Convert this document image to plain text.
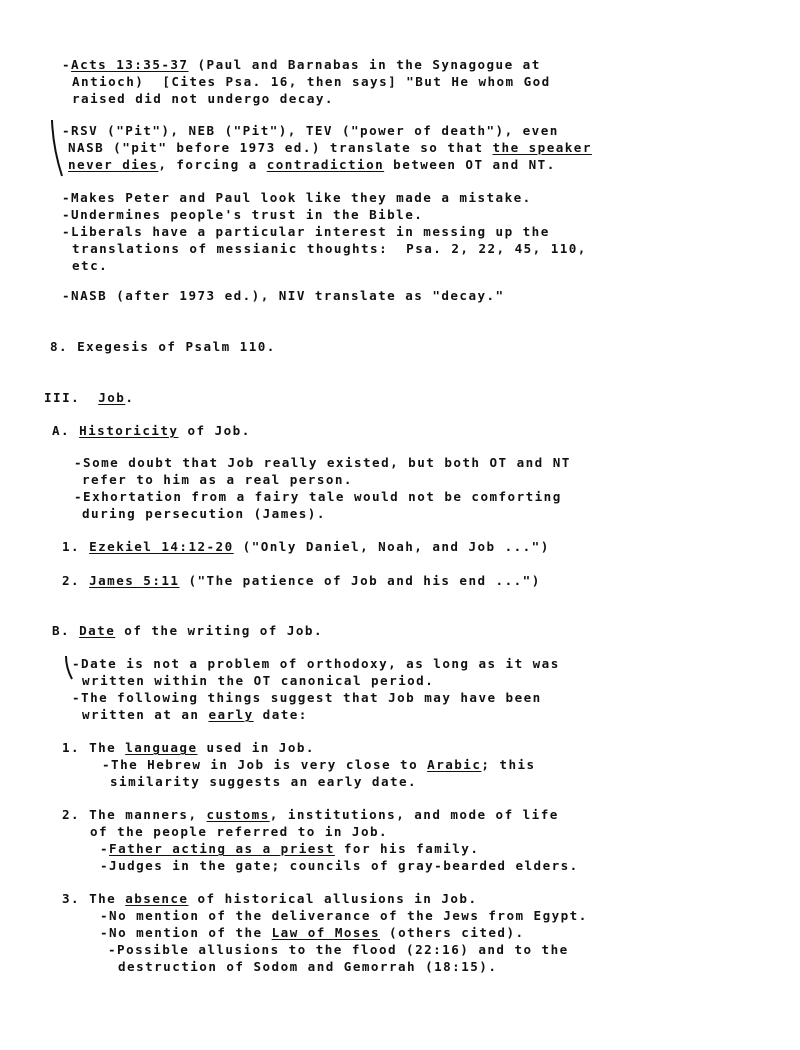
-Acts 13:35-37 (Paul and Barnabas in the Synagogue at
Antioch)  [Cites Psa. 16, then says] "But He whom God
raised did not undergo decay.
-RSV ("Pit"), NEB ("Pit"), TEV ("power of death"), even
NASB ("pit" before 1973 ed.) translate so that the speaker
never dies, forcing a contradiction between OT and NT.
-Makes Peter and Paul look like they made a mistake.
-Undermines people's trust in the Bible.
-Liberals have a particular interest in messing up the
translations of messianic thoughts:  Psa. 2, 22, 45, 110,
etc.
-NASB (after 1973 ed.), NIV translate as "decay."
8. Exegesis of Psalm 110.
III.  Job.
A. Historicity of Job.
-Some doubt that Job really existed, but both OT and NT
refer to him as a real person.
-Exhortation from a fairy tale would not be comforting
during persecution (James).
1. Ezekiel 14:12-20 ("Only Daniel, Noah, and Job ...")
2. James 5:11 ("The patience of Job and his end ...")
B. Date of the writing of Job.
-Date is not a problem of orthodoxy, as long as it was
written within the OT canonical period.
-The following things suggest that Job may have been
written at an early date:
1. The language used in Job.
-The Hebrew in Job is very close to Arabic; this
similarity suggests an early date.
2. The manners, customs, institutions, and mode of life
of the people referred to in Job.
-Father acting as a priest for his family.
-Judges in the gate; councils of gray-bearded elders.
3. The absence of historical allusions in Job.
-No mention of the deliverance of the Jews from Egypt.
-No mention of the Law of Moses (others cited).
-Possible allusions to the flood (22:16) and to the
destruction of Sodom and Gemorrah (18:15).
